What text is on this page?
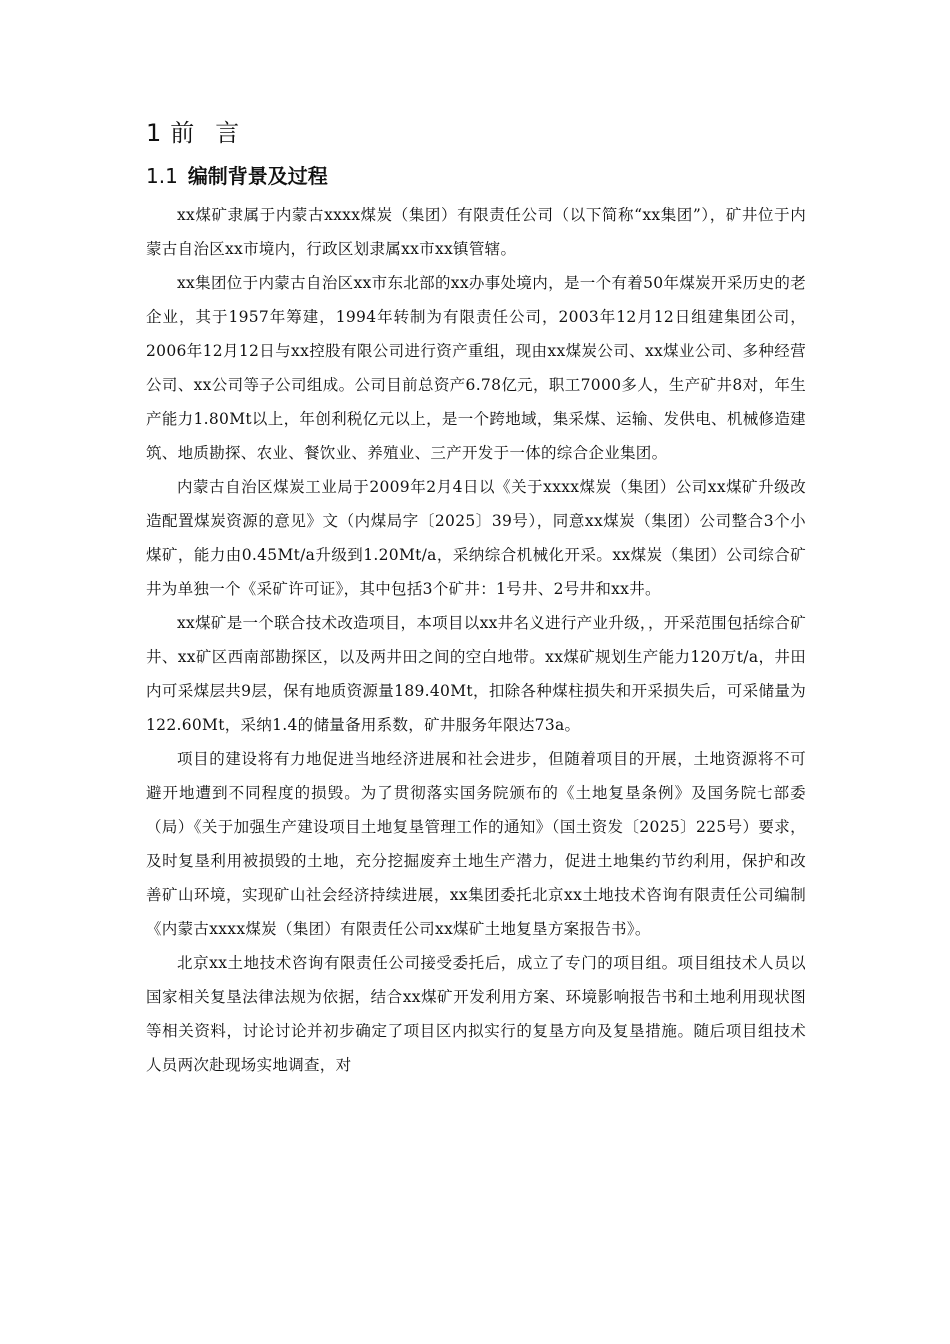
1 前 言
1.1 编制背景及过程

xx煤矿隶属于内蒙古xxxx煤炭（集团）有限责任公司（以下简称“xx集团”），矿井位于内蒙古自治区xx市境内，行政区划隶属xx市xx镇管辖。

xx集团位于内蒙古自治区xx市东北部的xx办事处境内，是一个有着50年煤炭开采历史的老企业，其于1957年筹建，1994年转制为有限责任公司，2003年12月12日组建集团公司，2006年12月12日与xx控股有限公司进行资产重组，现由xx煤炭公司、xx煤业公司、多种经营公司、xx公司等子公司组成。公司目前总资产6.78亿元，职工7000多人，生产矿井8对，年生产能力1.80Mt以上，年创利税亿元以上，是一个跨地域，集采煤、运输、发供电、机械修造建筑、地质勘探、农业、餐饮业、养殖业、三产开发于一体的综合企业集团。

内蒙古自治区煤炭工业局于2009年2月4日以《关于xxxx煤炭（集团）公司xx煤矿升级改造配置煤炭资源的意见》文（内煤局字〔2025〕39号），同意xx煤炭（集团）公司整合3个小煤矿，能力由0.45Mt/a升级到1.20Mt/a，采纳综合机械化开采。xx煤炭（集团）公司综合矿井为单独一个《采矿许可证》，其中包括3个矿井：1号井、2号井和xx井。

xx煤矿是一个联合技术改造项目，本项目以xx井名义进行产业升级，，开采范围包括综合矿井、xx矿区西南部勘探区，以及两井田之间的空白地带。xx煤矿规划生产能力120万t/a，井田内可采煤层共9层，保有地质资源量189.40Mt，扣除各种煤柱损失和开采损失后，可采储量为122.60Mt，采纳1.4的储量备用系数，矿井服务年限达73a。

项目的建设将有力地促进当地经济进展和社会进步，但随着项目的开展，土地资源将不可避开地遭到不同程度的损毁。为了贯彻落实国务院颁布的《土地复垦条例》及国务院七部委（局）《关于加强生产建设项目土地复垦管理工作的通知》（国土资发〔2025〕225号）要求，及时复垦利用被损毁的土地，充分挖掘废弃土地生产潜力，促进土地集约节约利用，保护和改善矿山环境，实现矿山社会经济持续进展，xx集团委托北京xx土地技术咨询有限责任公司编制《内蒙古xxxx煤炭（集团）有限责任公司xx煤矿土地复垦方案报告书》。

北京xx土地技术咨询有限责任公司接受委托后，成立了专门的项目组。项目组技术人员以国家相关复垦法律法规为依据，结合xx煤矿开发利用方案、环境影响报告书和土地利用现状图等相关资料，讨论讨论并初步确定了项目区内拟实行的复垦方向及复垦措施。随后项目组技术人员两次赴现场实地调查，对
